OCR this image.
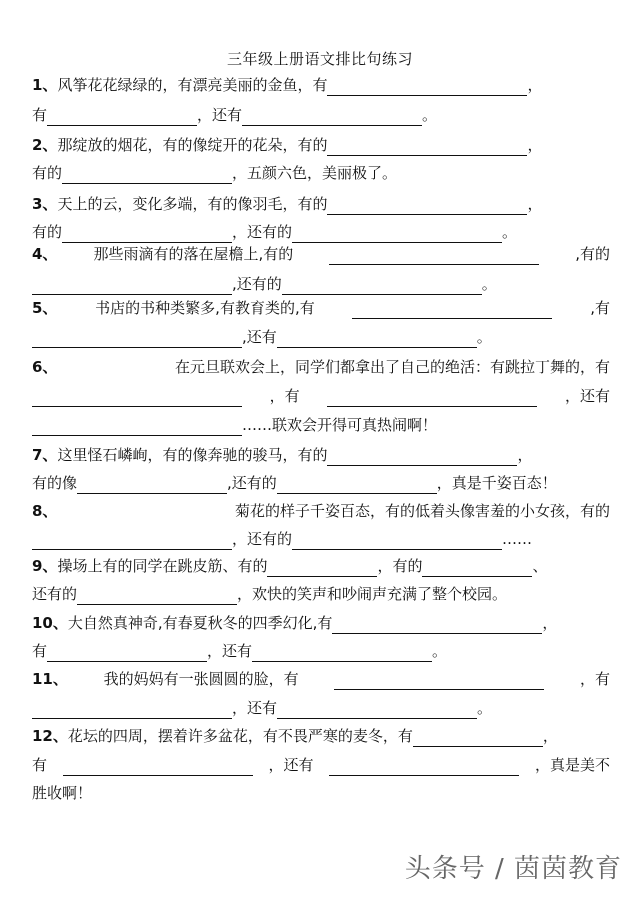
三年级上册语文排比句练习
1、风筝花花绿绿的，有漂亮美丽的金鱼，有	，
有	，还有	。
2、那绽放的烟花，有的像绽开的花朵，有的	，
有的	，五颜六色，美丽极了。
3、天上的云，变化多端，有的像羽毛，有的	，
有的	，还有的	。
4、 那些雨滴有的落在屋檐上,有的	,有的
,还有的	。
5、	书店的书种类繁多,有教育类的,有	,有
,还有	。
6、	在元旦联欢会上，同学们都拿出了自己的绝活：有跳拉丁舞的，有
，有	，还有
……联欢会开得可真热闹啊！
7、这里怪石嶙峋，有的像奔驰的骏马，有的	，
有的像	,还有的	，真是千姿百态！
8、	菊花的样子千姿百态，有的低着头像害羞的小女孩，有的
，还有的	……
9、操场上有的同学在跳皮筋、有的	，有的	、
还有的	，欢快的笑声和吵闹声充满了整个校园。
10、大自然真神奇,有春夏秋冬的四季幻化,有	，
有	，还有	。
11、 我的妈妈有一张圆圆的脸，有	，有
，还有	。
12、花坛的四周，摆着许多盆花，有不畏严寒的麦冬，有	，
有	，还有	，真是美不
胜收啊！
头条号 / 茵茵教育
